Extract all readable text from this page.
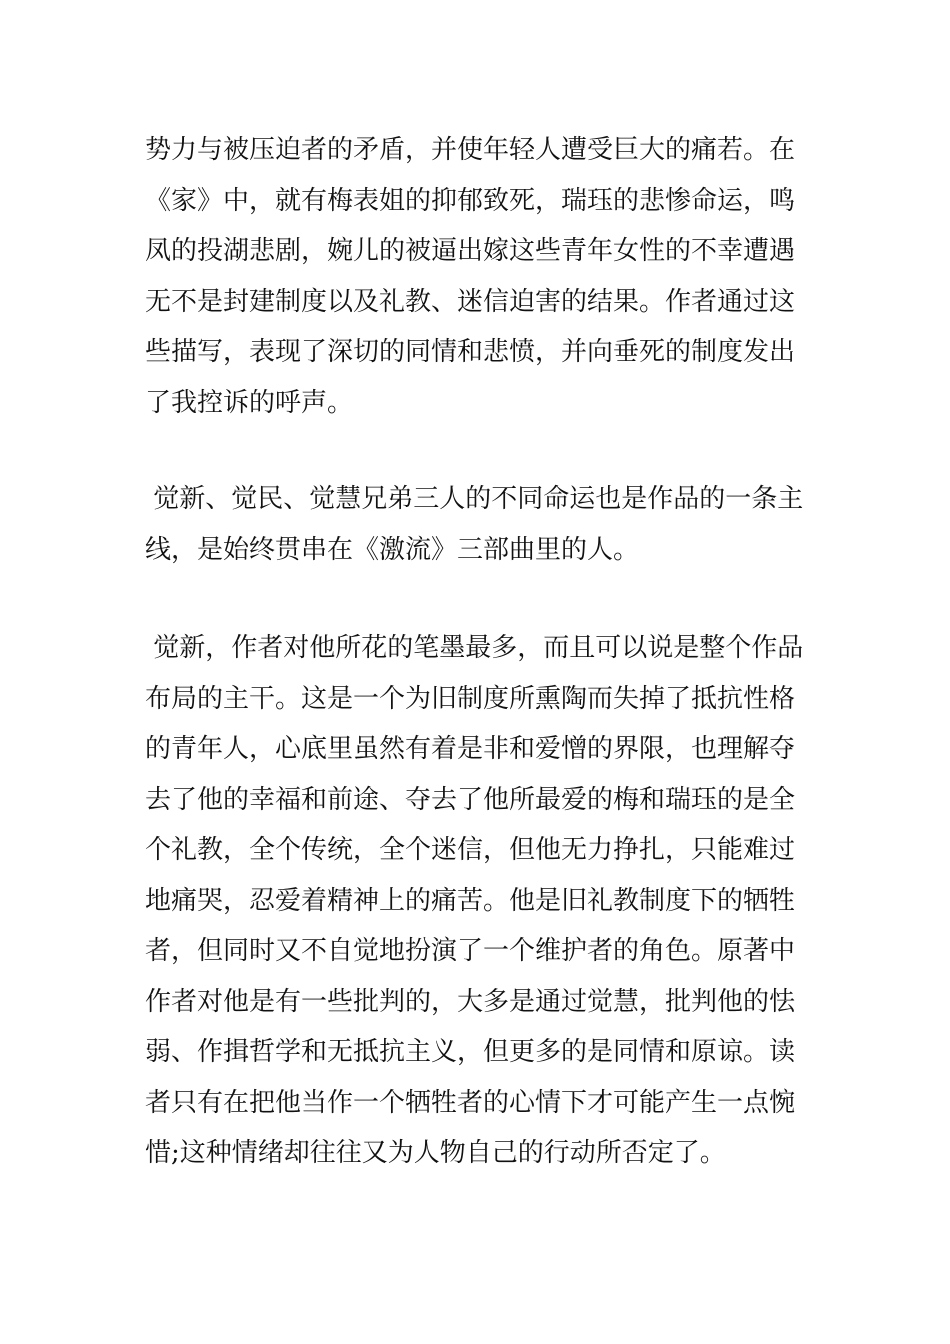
势力与被压迫者的矛盾，并使年轻人遭受巨大的痛若。在
《家》中，就有梅表姐的抑郁致死，瑞珏的悲惨命运，鸣
凤的投湖悲剧，婉儿的被逼出嫁这些青年女性的不幸遭遇
无不是封建制度以及礼教、迷信迫害的结果。作者通过这
些描写，表现了深切的同情和悲愤，并向垂死的制度发出
了我控诉的呼声。

觉新、觉民、觉慧兄弟三人的不同命运也是作品的一条主
线，是始终贯串在《激流》三部曲里的人。

觉新，作者对他所花的笔墨最多，而且可以说是整个作品
布局的主干。这是一个为旧制度所熏陶而失掉了抵抗性格
的青年人，心底里虽然有着是非和爱憎的界限，也理解夺
去了他的幸福和前途、夺去了他所最爱的梅和瑞珏的是全
个礼教，全个传统，全个迷信，但他无力挣扎，只能难过
地痛哭，忍爱着精神上的痛苦。他是旧礼教制度下的牺牲
者，但同时又不自觉地扮演了一个维护者的角色。原著中
作者对他是有一些批判的，大多是通过觉慧，批判他的怯
弱、作揖哲学和无抵抗主义，但更多的是同情和原谅。读
者只有在把他当作一个牺牲者的心情下才可能产生一点惋
惜;这种情绪却往往又为人物自己的行动所否定了。
